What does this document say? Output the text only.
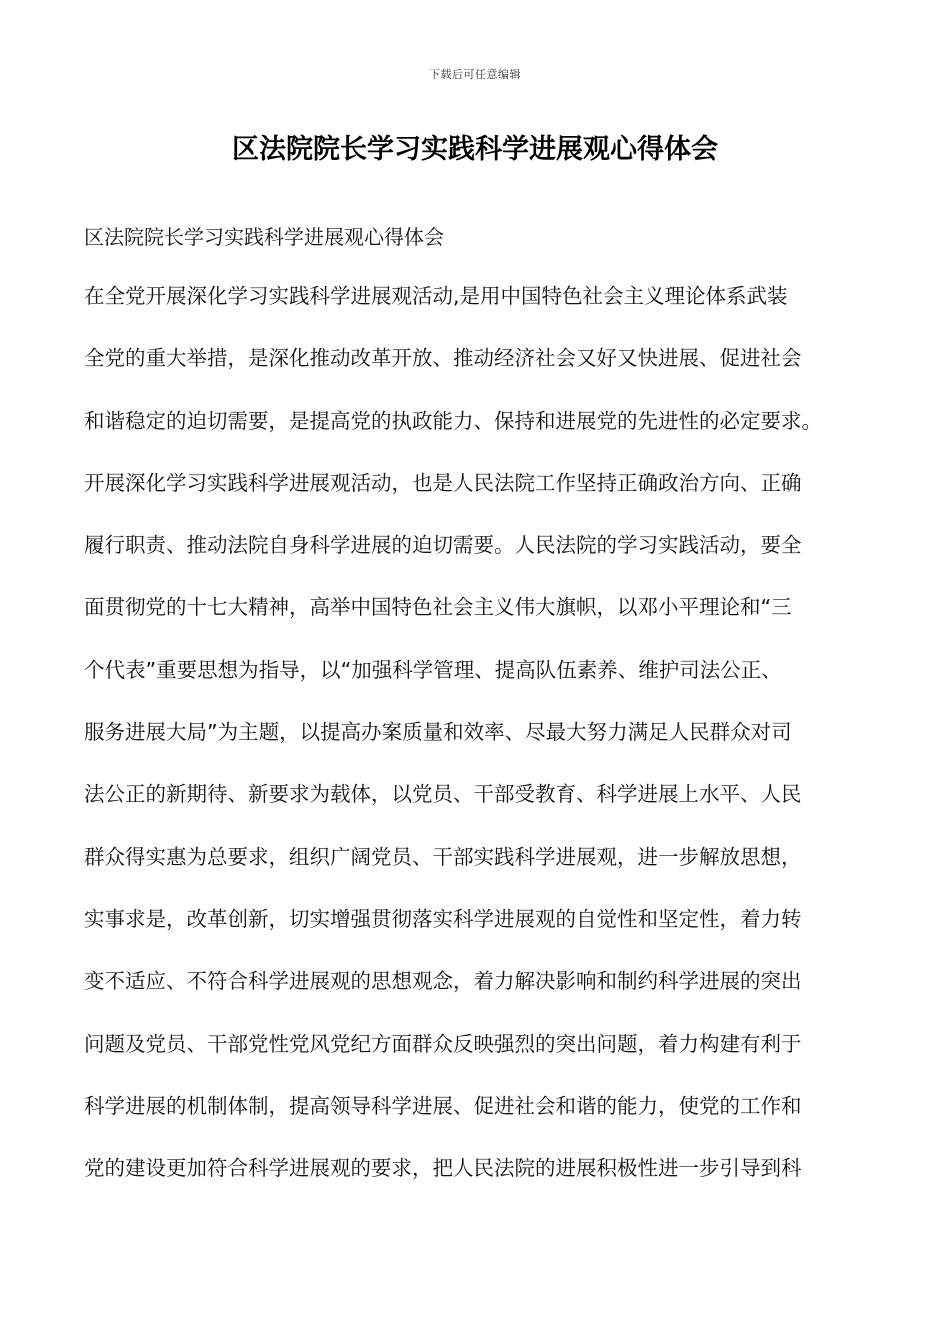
下载后可任意编辑
区法院院长学习实践科学进展观心得体会
区法院院长学习实践科学进展观心得体会
在全党开展深化学习实践科学进展观活动,是用中国特色社会主义理论体系武装
全党的重大举措，是深化推动改革开放、推动经济社会又好又快进展、促进社会
和谐稳定的迫切需要，是提高党的执政能力、保持和进展党的先进性的必定要求。
开展深化学习实践科学进展观活动，也是人民法院工作坚持正确政治方向、正确
履行职责、推动法院自身科学进展的迫切需要。人民法院的学习实践活动，要全
面贯彻党的十七大精神，高举中国特色社会主义伟大旗帜，以邓小平理论和“三
个代表”重要思想为指导，以“加强科学管理、提高队伍素养、维护司法公正、
服务进展大局”为主题，以提高办案质量和效率、尽最大努力满足人民群众对司
法公正的新期待、新要求为载体，以党员、干部受教育、科学进展上水平、人民
群众得实惠为总要求，组织广阔党员、干部实践科学进展观，进一步解放思想，
实事求是，改革创新，切实增强贯彻落实科学进展观的自觉性和坚定性，着力转
变不适应、不符合科学进展观的思想观念，着力解决影响和制约科学进展的突出
问题及党员、干部党性党风党纪方面群众反映强烈的突出问题，着力构建有利于
科学进展的机制体制，提高领导科学进展、促进社会和谐的能力，使党的工作和
党的建设更加符合科学进展观的要求，把人民法院的进展积极性进一步引导到科
